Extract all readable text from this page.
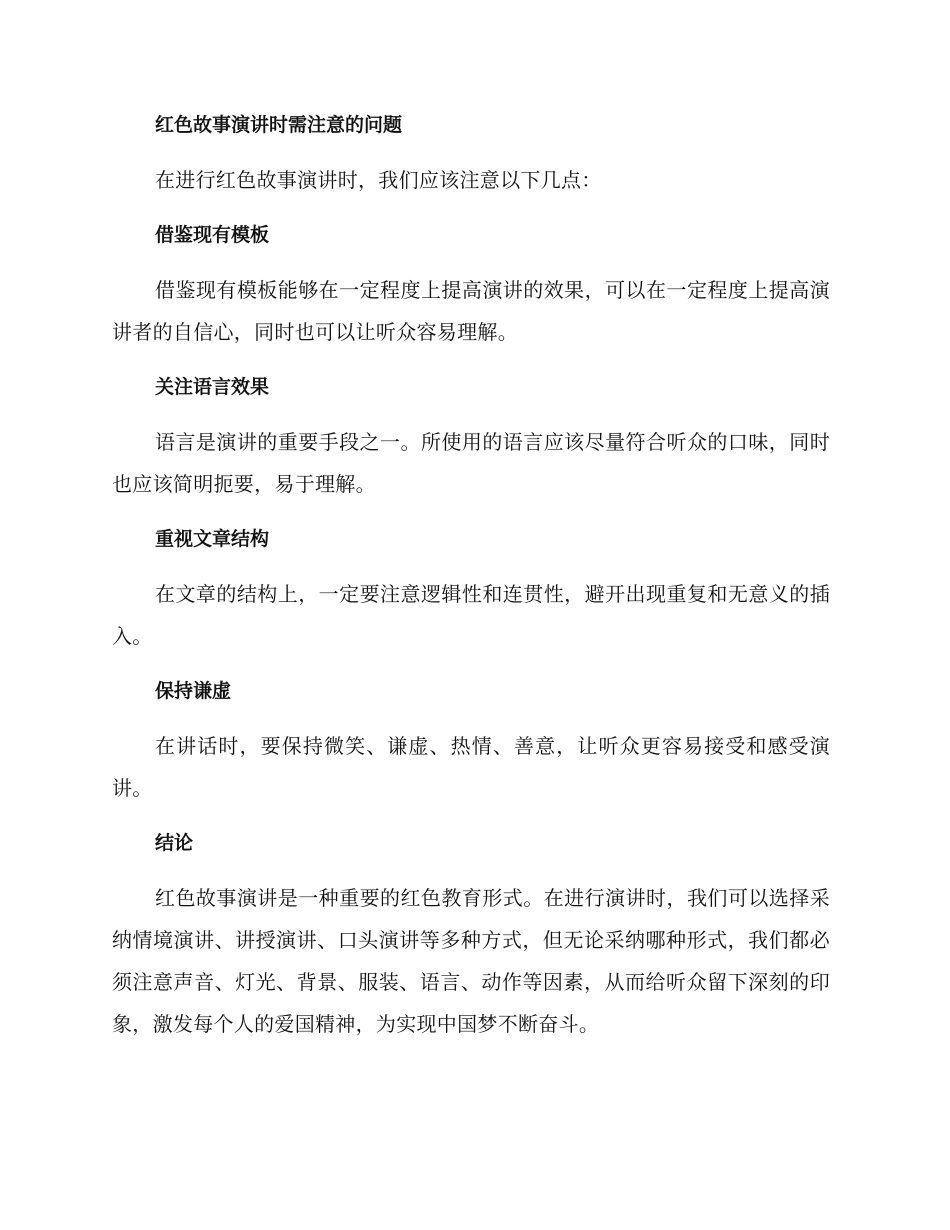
红色故事演讲时需注意的问题

在进行红色故事演讲时，我们应该注意以下几点：

借鉴现有模板

借鉴现有模板能够在一定程度上提高演讲的效果，可以在一定程度上提高演讲者的自信心，同时也可以让听众容易理解。

关注语言效果

语言是演讲的重要手段之一。所使用的语言应该尽量符合听众的口味，同时也应该简明扼要，易于理解。

重视文章结构

在文章的结构上，一定要注意逻辑性和连贯性，避开出现重复和无意义的插入。

保持谦虚

在讲话时，要保持微笑、谦虚、热情、善意，让听众更容易接受和感受演讲。

结论

红色故事演讲是一种重要的红色教育形式。在进行演讲时，我们可以选择采纳情境演讲、讲授演讲、口头演讲等多种方式，但无论采纳哪种形式，我们都必须注意声音、灯光、背景、服装、语言、动作等因素，从而给听众留下深刻的印象，激发每个人的爱国精神，为实现中国梦不断奋斗。
